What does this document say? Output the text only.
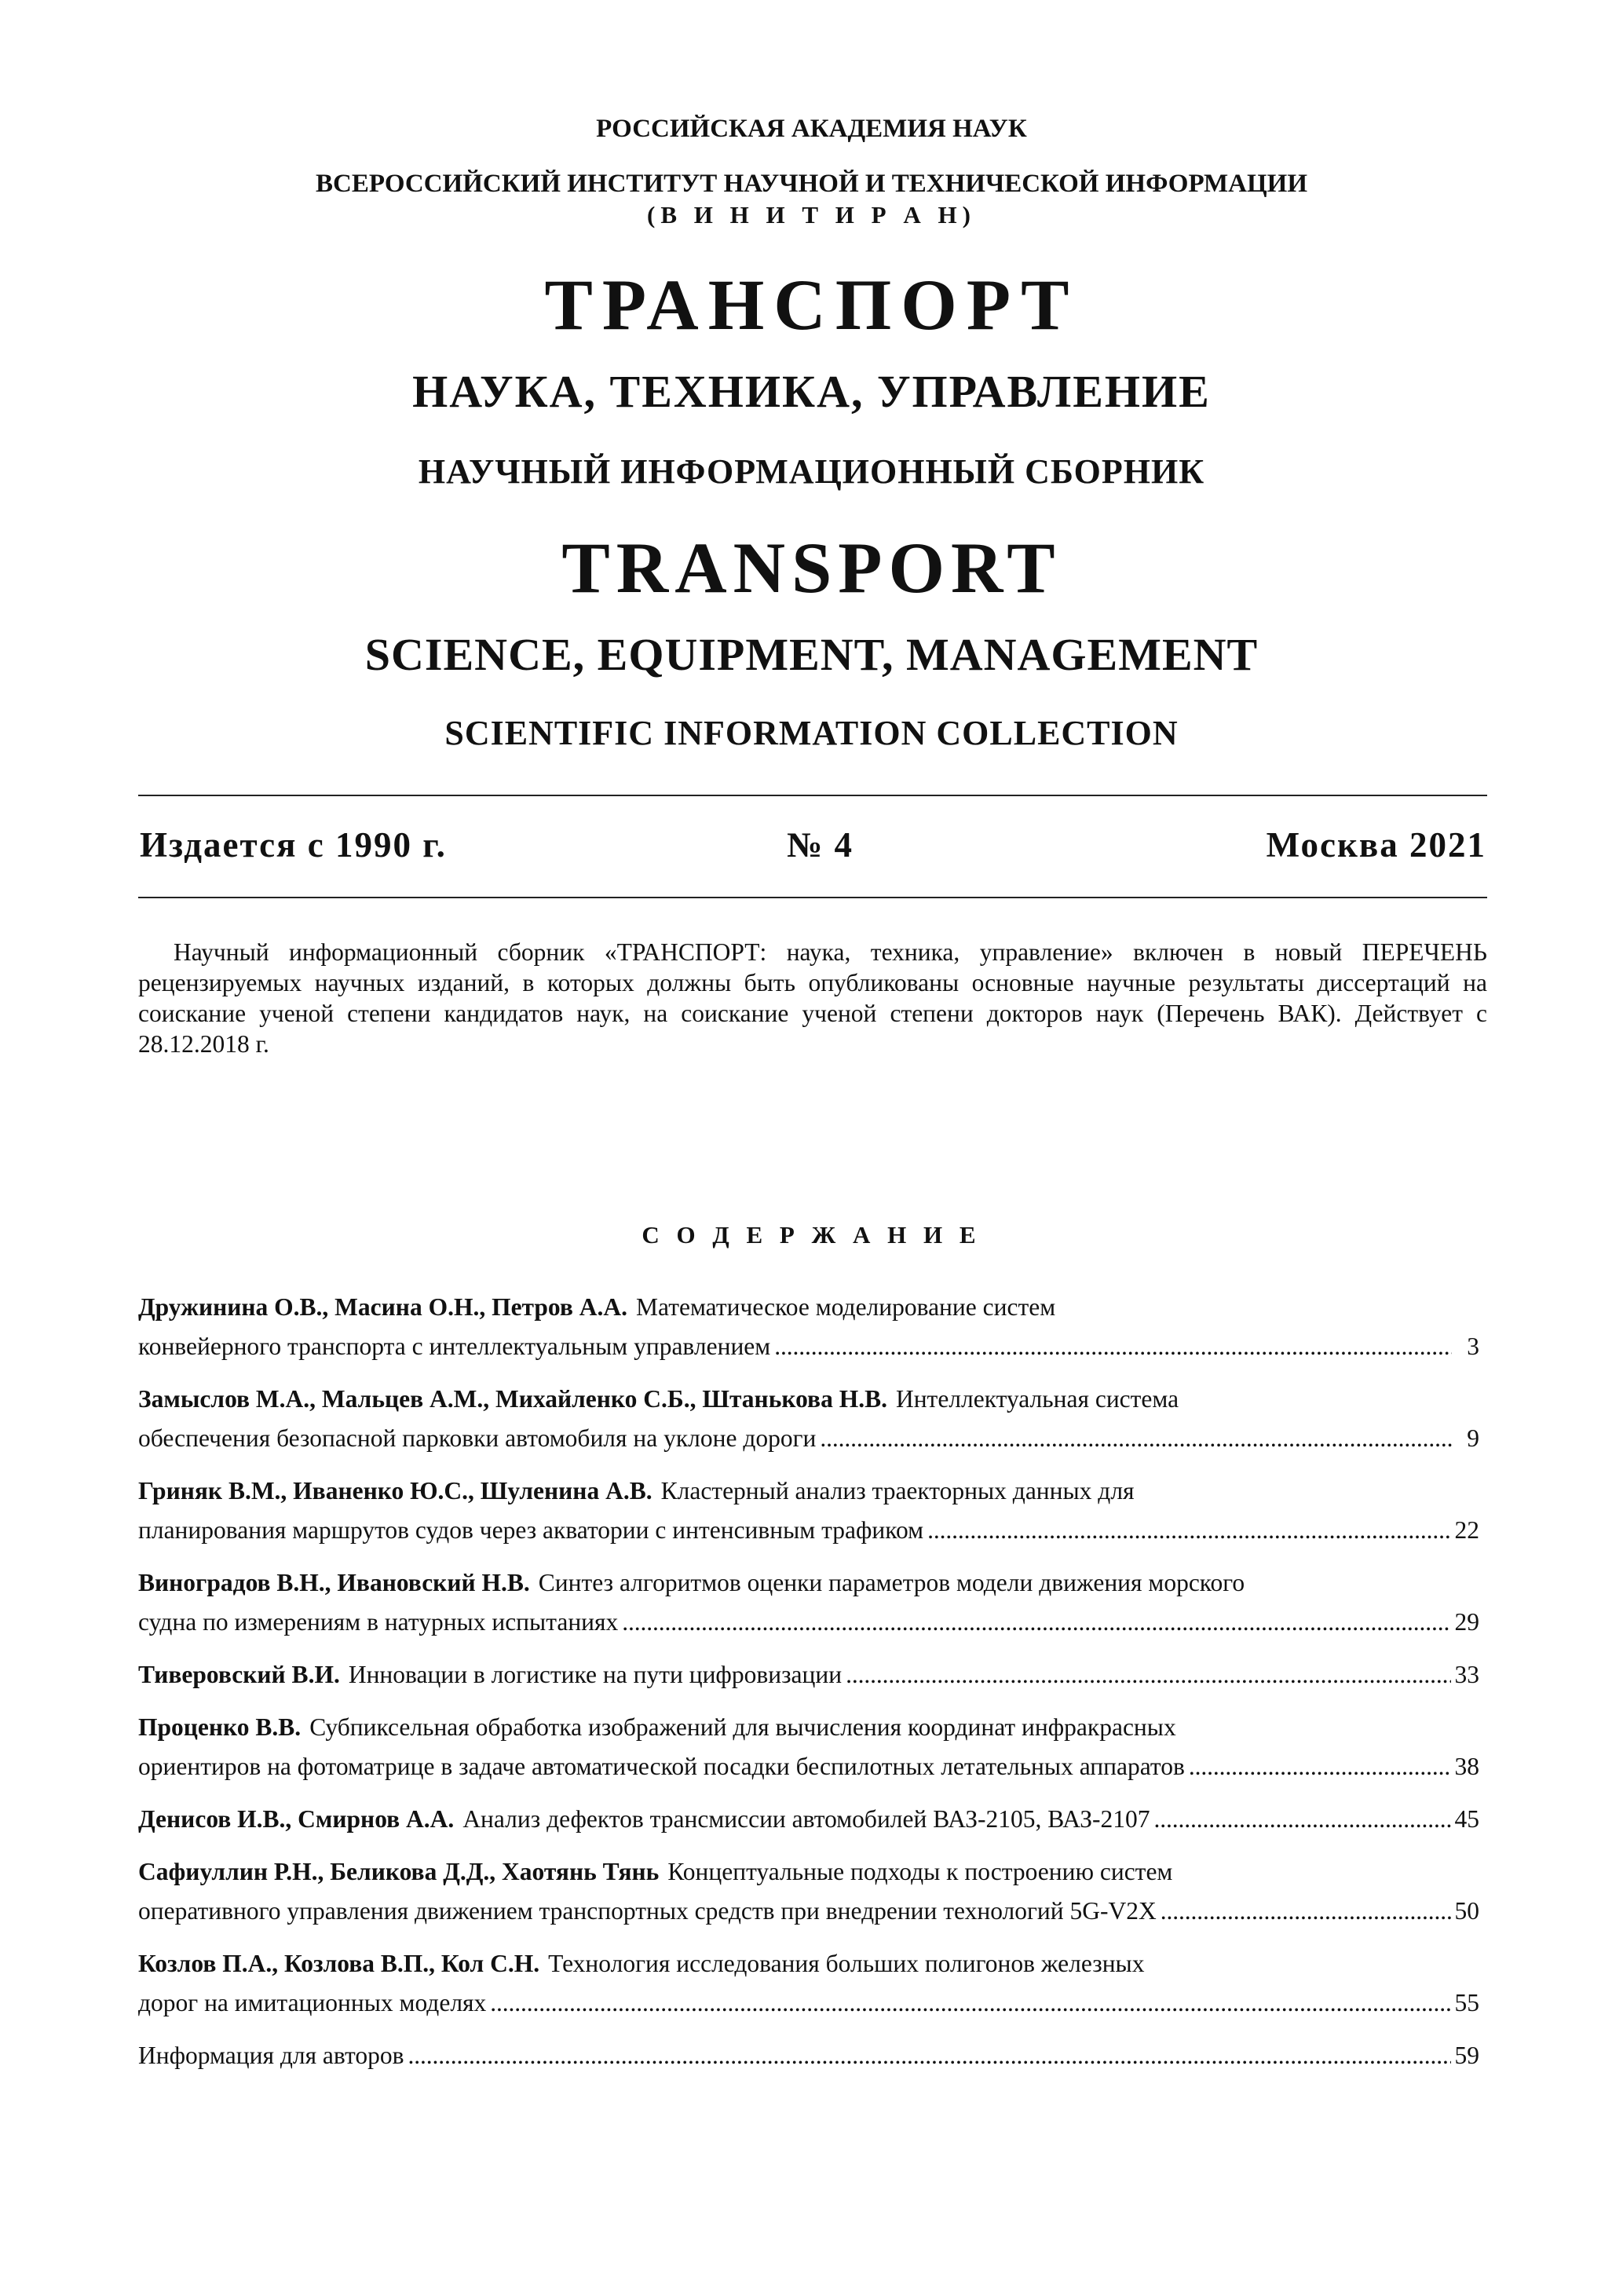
РОССИЙСКАЯ АКАДЕМИЯ НАУК
ВСЕРОССИЙСКИЙ ИНСТИТУТ НАУЧНОЙ И ТЕХНИЧЕСКОЙ ИНФОРМАЦИИ
(В И Н И Т И Р А Н)
ТРАНСПОРТ
НАУКА, ТЕХНИКА, УПРАВЛЕНИЕ
НАУЧНЫЙ ИНФОРМАЦИОННЫЙ СБОРНИК
TRANSPORT
SCIENCE, EQUIPMENT, MANAGEMENT
SCIENTIFIC INFORMATION COLLECTION
Издается с 1990 г.	№ 4	Москва 2021

Научный информационный сборник «ТРАНСПОРТ: наука, техника, управление» включен в новый ПЕРЕЧЕНЬ рецензируемых научных изданий, в которых должны быть опубликованы основные научные результаты диссертаций на соискание ученой степени кандидатов наук, на соискание ученой степени докторов наук (Перечень ВАК). Действует с 28.12.2018 г.

С О Д Е Р Ж А Н И Е
Дружинина О.В., Масина О.Н., Петров А.А. Математическое моделирование систем
конвейерного транспорта с интеллектуальным управлением . . .	3
Замыслов М.А., Мальцев А.М., Михайленко С.Б., Штанькова Н.В. Интеллектуальная система
обеспечения безопасной парковки автомобиля на уклоне дороги . . .	9
Гриняк В.М., Иваненко Ю.С., Шуленина А.В. Кластерный анализ траекторных данных для
планирования маршрутов судов через акватории с интенсивным трафиком . . .	22
Виноградов В.Н., Ивановский Н.В. Синтез алгоритмов оценки параметров модели движения морского
судна по измерениям в натурных испытаниях . . .	29
Тиверовский В.И. Инновации в логистике на пути цифровизации . . .	33
Проценко В.В. Субпиксельная обработка изображений для вычисления координат инфракрасных
ориентиров на фотоматрице в задаче автоматической посадки беспилотных летательных аппаратов . . .	38
Денисов И.В., Смирнов А.А. Анализ дефектов трансмиссии автомобилей ВАЗ-2105, ВАЗ-2107 . . .	45
Сафиуллин Р.Н., Беликова Д.Д., Хаотянь Тянь Концептуальные подходы к построению систем
оперативного управления движением транспортных средств при внедрении технологий 5G-V2X . . .	50
Козлов П.А., Козлова В.П., Кол С.Н. Технология исследования больших полигонов железных
дорог на имитационных моделях . . .	55
Информация для авторов . . .	59
